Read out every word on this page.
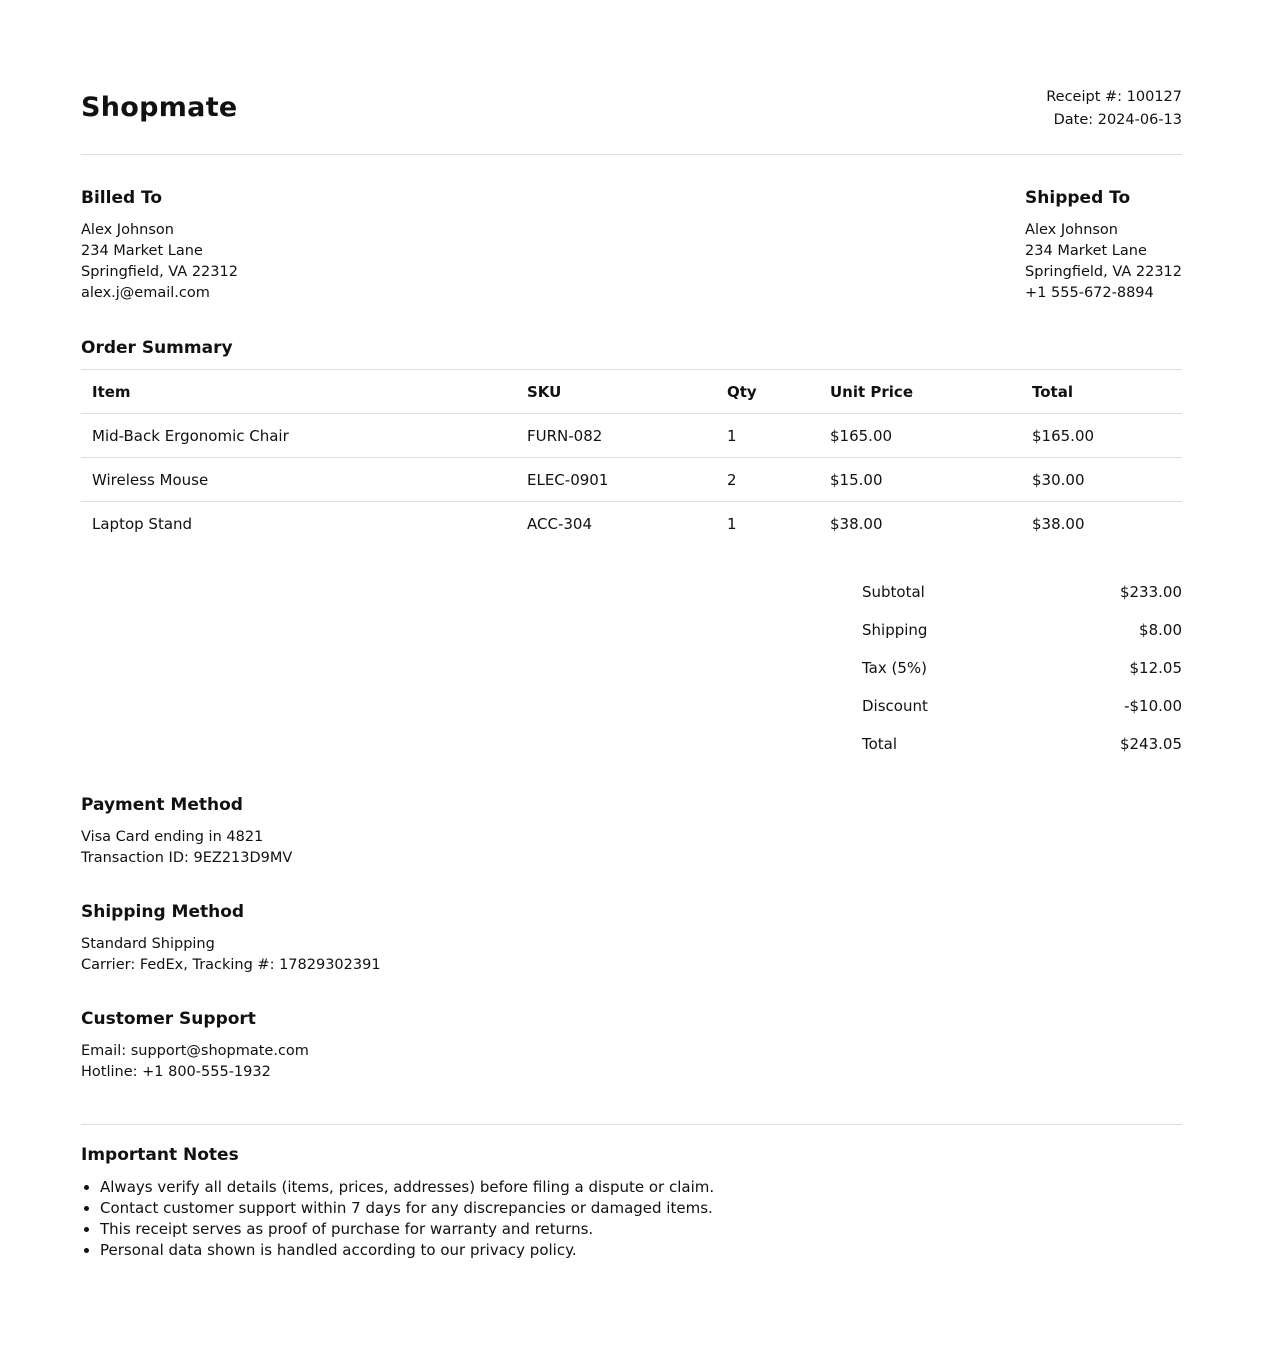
Shopmate	Receipt #: 100127
Date: 2024-06-13
Billed To
Alex Johnson
234 Market Lane
Springfield, VA 22312
alex.j@email.com
Shipped To
Alex Johnson
234 Market Lane
Springfield, VA 22312
+1 555-672-8894
Order Summary
Item	SKU	Qty	Unit Price	Total
Mid-Back Ergonomic Chair	FURN-082	1	$165.00	$165.00
Wireless Mouse	ELEC-0901	2	$15.00	$30.00
Laptop Stand	ACC-304	1	$38.00	$38.00
Subtotal	$233.00
Shipping	$8.00
Tax (5%)	$12.05
Discount	-$10.00
Total	$243.05
Payment Method
Visa Card ending in 4821
Transaction ID: 9EZ213D9MV
Shipping Method
Standard Shipping
Carrier: FedEx, Tracking #: 17829302391
Customer Support
Email: support@shopmate.com
Hotline: +1 800-555-1932
Important Notes
• Always verify all details (items, prices, addresses) before filing a dispute or claim.
• Contact customer support within 7 days for any discrepancies or damaged items.
• This receipt serves as proof of purchase for warranty and returns.
• Personal data shown is handled according to our privacy policy.
